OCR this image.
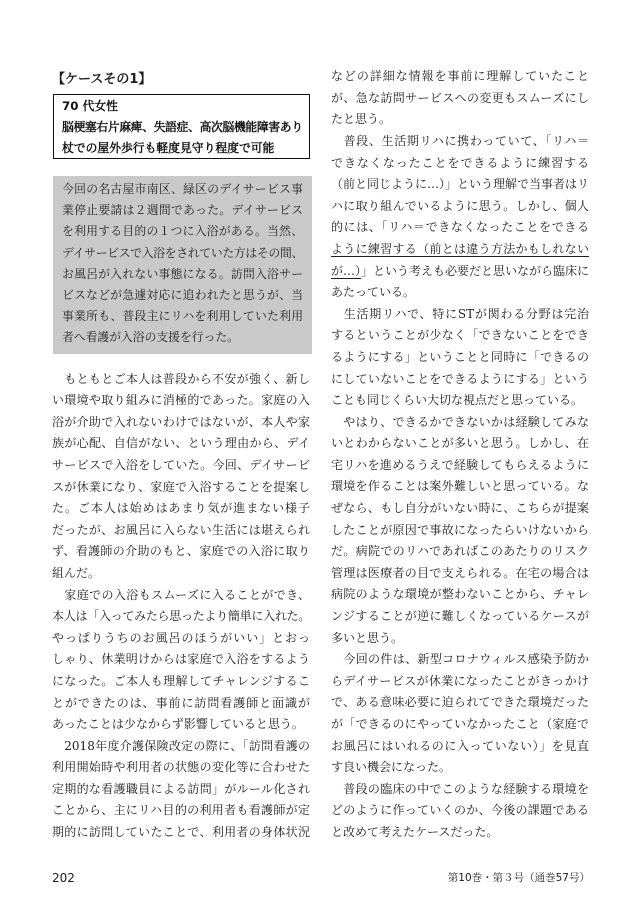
【ケースその1】
70 代女性
脳梗塞右片麻痺、失語症、高次脳機能障害あり
杖での屋外歩行も軽度見守り程度で可能
今回の名古屋市南区、緑区のデイサービス事
業停止要請は２週間であった。デイサービス
を利用する目的の１つに入浴がある。当然、
デイサービスで入浴をされていた方はその間、
お風呂が入れない事態になる。訪問入浴サー
ビスなどが急遽対応に追われたと思うが、当
事業所も、普段主にリハを利用していた利用
者へ看護が入浴の支援を行った。
　もともとご本人は普段から不安が強く、新し
い環境や取り組みに消極的であった。家庭の入
浴が介助で入れないわけではないが、本人や家
族が心配、自信がない、という理由から、デイ
サービスで入浴をしていた。今回、デイサービ
スが休業になり、家庭で入浴することを提案し
た。ご本人は始めはあまり気が進まない様子
だったが、お風呂に入らない生活には堪えられ
ず、看護師の介助のもと、家庭での入浴に取り
組んだ。
　家庭での入浴もスムーズに入ることができ、
本人は「入ってみたら思ったより簡単に入れた。
やっぱりうちのお風呂のほうがいい」とおっ
しゃり、休業明けからは家庭で入浴をするよう
になった。ご本人も理解してチャレンジするこ
とができたのは、事前に訪問看護師と面識が
あったことは少なからず影響していると思う。
　2018年度介護保険改定の際に、「訪問看護の
利用開始時や利用者の状態の変化等に合わせた
定期的な看護職員による訪問」がルール化され
ことから、主にリハ目的の利用者も看護師が定
期的に訪問していたことで、利用者の身体状況
などの詳細な情報を事前に理解していたこと
が、急な訪問サービスへの変更もスムーズにし
たと思う。
　普段、生活期リハに携わっていて、「リハ＝
できなくなったことをできるように練習する
（前と同じように…）」という理解で当事者はリ
ハに取り組んでいるように思う。しかし、個人
的には、「リハ＝できなくなったことをできる
ように練習する（前とは違う方法かもしれない
が…）」という考えも必要だと思いながら臨床に
あたっている。
　生活期リハで、特にSTが関わる分野は完治
するということが少なく「できないことをでき
るようにする」ということと同時に「できるの
にしていないことをできるようにする」という
ことも同じくらい大切な視点だと思っている。
　やはり、できるかできないかは経験してみな
いとわからないことが多いと思う。しかし、在
宅リハを進めるうえで経験してもらえるように
環境を作ることは案外難しいと思っている。な
ぜなら、もし自分がいない時に、こちらが提案
したことが原因で事故になったらいけないから
だ。病院でのリハであればこのあたりのリスク
管理は医療者の目で支えられる。在宅の場合は
病院のような環境が整わないことから、チャレ
ンジすることが逆に難しくなっているケースが
多いと思う。
　今回の件は、新型コロナウィルス感染予防か
らデイサービスが休業になったことがきっかけ
で、ある意味必要に迫られてできた環境だった
が「できるのにやっていなかったこと（家庭で
お風呂にはいれるのに入っていない）」を見直
す良い機会になった。
　普段の臨床の中でこのような経験する環境を
どのように作っていくのか、今後の課題である
と改めて考えたケースだった。
202	第10巻・第３号（通巻57号）
